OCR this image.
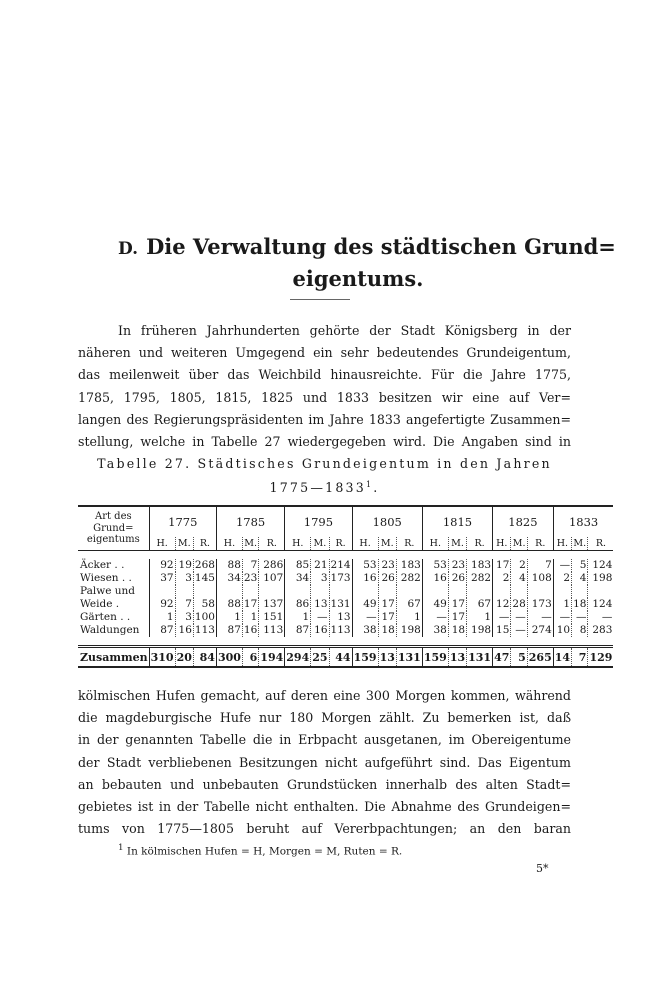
D. Die Verwaltung des städtischen Grund=
eigentums.
In früheren Jahrhunderten gehörte der Stadt Königsberg in der
näheren und weiteren Umgegend ein sehr bedeutendes Grundeigentum,
das meilenweit über das Weichbild hinausreichte. Für die Jahre 1775,
1785, 1795, 1805, 1815, 1825 und 1833 besitzen wir eine auf Ver=
langen des Regierungspräsidenten im Jahre 1833 angefertigte Zusammen=
stellung, welche in Tabelle 27 wiedergegeben wird. Die Angaben sind in
Tabelle 27. Städtisches Grundeigentum in den Jahren
1775—1833$^1$.
Art des
Grund=
eigentums	1775			1785			1795			1805			1815			1825			1833		
	H.	M.	R.	H.	M.	R.	H.	M.	R.	H.	M.	R.	H.	M.	R.	H.	M.	R.	H.	M.	R.

Äcker . .	92	19	268	88	7	286	85	21	214	53	23	183	53	23	183	17	2	7	—	5	124
Wiesen . .	37	3	145	34	23	107	34	3	173	16	26	282	16	26	282	2	4	108	2	4	198
Palwe und																					
Weide .	92	7	58	88	17	137	86	13	131	49	17	67	49	17	67	12	28	173	1	18	124
Gärten . .	1	3	100	1	1	151	1	—	13	—	17	1	—	17	1	—	—	—	—	—	—
Waldungen	87	16	113	87	16	113	87	16	113	38	18	198	38	18	198	15	—	274	10	8	283

Zusammen	310	20	84	300	6	194	294	25	44	159	13	131	159	13	131	47	5	265	14	7	129
kölmischen Hufen gemacht, auf deren eine 300 Morgen kommen, während
die magdeburgische Hufe nur 180 Morgen zählt. Zu bemerken ist, daß
in der genannten Tabelle die in Erbpacht ausgetanen, im Obereigentume
der Stadt verbliebenen Besitzungen nicht aufgeführt sind. Das Eigentum
an bebauten und unbebauten Grundstücken innerhalb des alten Stadt=
gebietes ist in der Tabelle nicht enthalten. Die Abnahme des Grundeigen=
tums von 1775—1805 beruht auf Vererbpachtungen; an den baran
$^1$ In kölmischen Hufen = H, Morgen = M, Ruten = R.
5*
